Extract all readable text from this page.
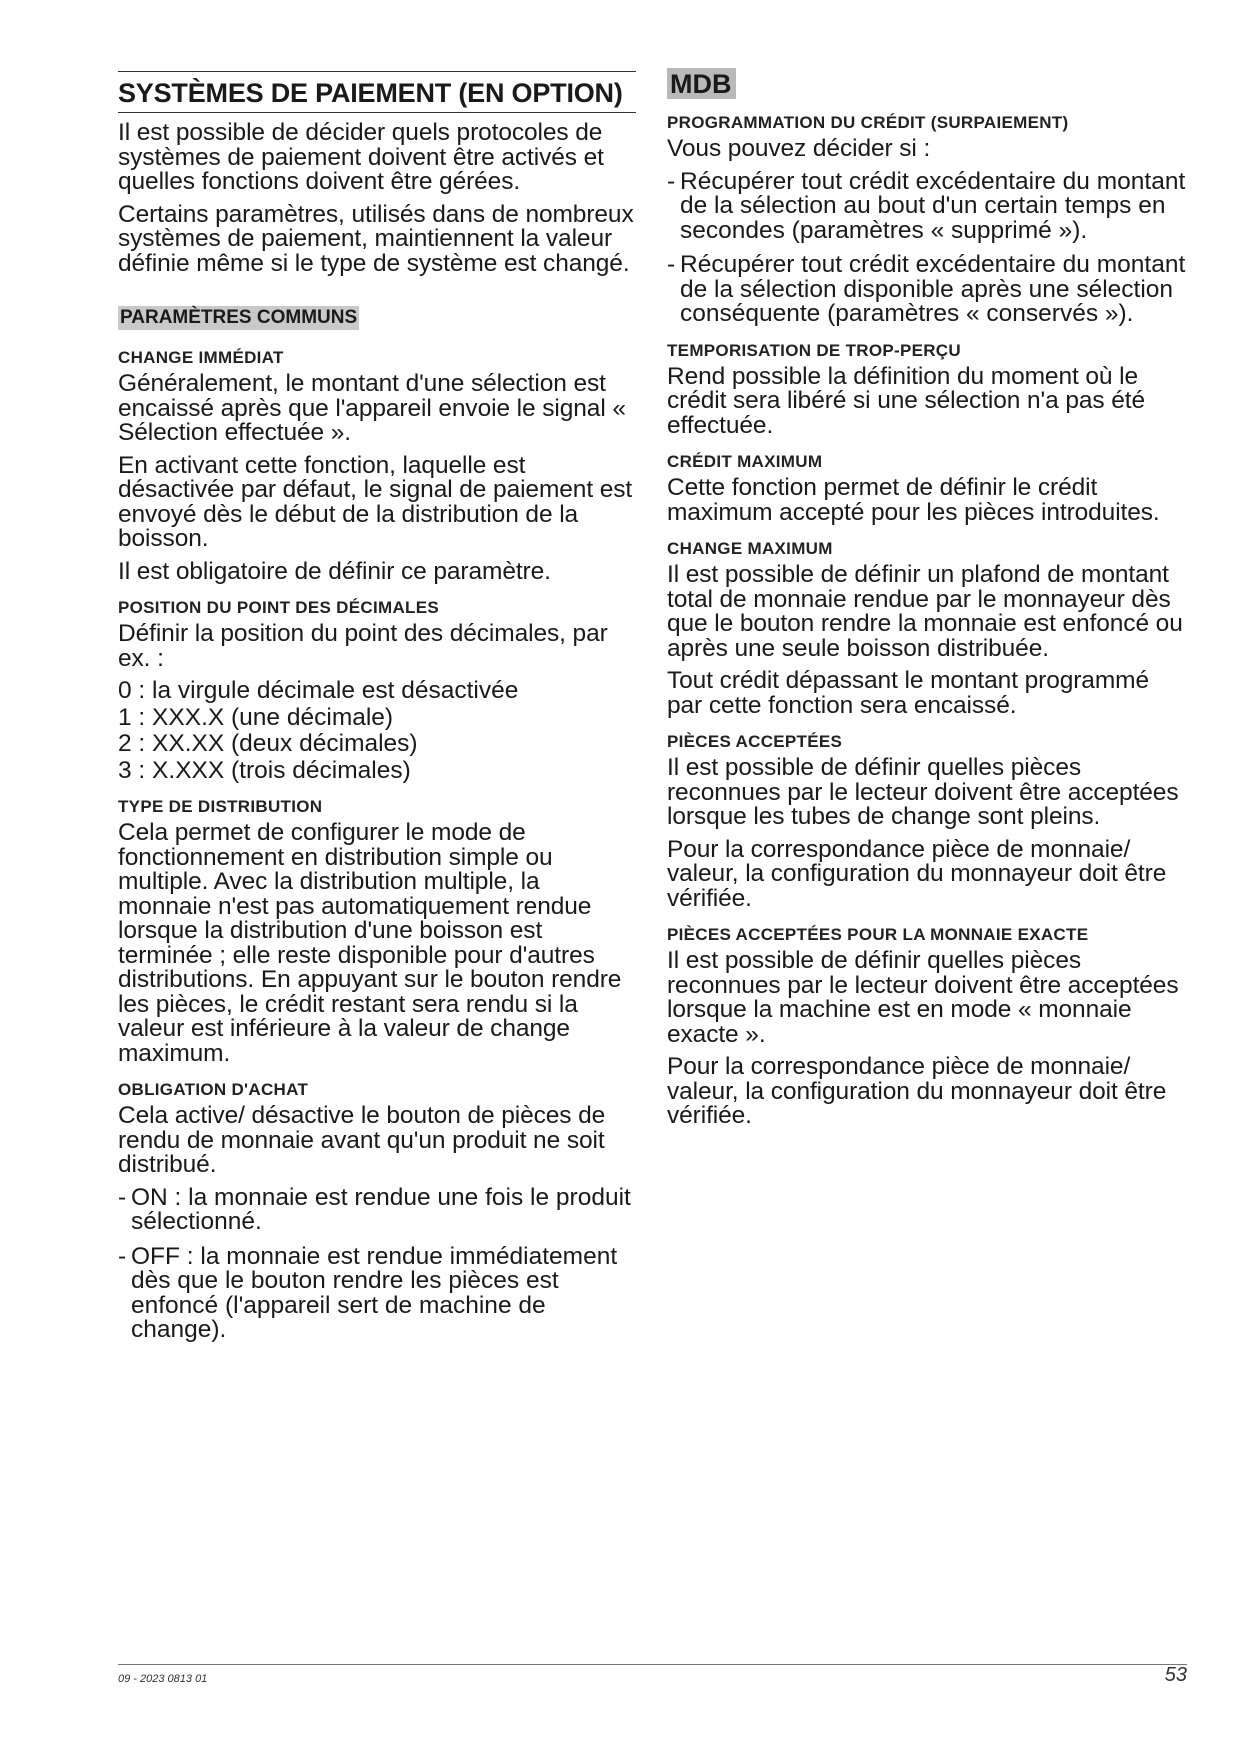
SYSTÈMES DE PAIEMENT (EN OPTION)

Il est possible de décider quels protocoles de systèmes de paiement doivent être activés et quelles fonctions doivent être gérées.

Certains paramètres, utilisés dans de nombreux systèmes de paiement, maintiennent la valeur définie même si le type de système est changé.

PARAMÈTRES COMMUNS
CHANGE IMMÉDIAT

Généralement, le montant d'une sélection est encaissé après que l'appareil envoie le signal « Sélection effectuée ».

En activant cette fonction, laquelle est désactivée par défaut, le signal de paiement est envoyé dès le début de la distribution de la boisson.

Il est obligatoire de définir ce paramètre.

POSITION DU POINT DES DÉCIMALES

Définir la position du point des décimales, par ex. :

0 : la virgule décimale est désactivée
1 : XXX.X (une décimale)
2 : XX.XX (deux décimales)
3 : X.XXX (trois décimales)
TYPE DE DISTRIBUTION

Cela permet de configurer le mode de fonctionnement en distribution simple ou multiple. Avec la distribution multiple, la monnaie n'est pas automatiquement rendue lorsque la distribution d'une boisson est terminée ; elle reste disponible pour d'autres distributions. En appuyant sur le bouton rendre les pièces, le crédit restant sera rendu si la valeur est inférieure à la valeur de change maximum.

OBLIGATION D'ACHAT

Cela active/ désactive le bouton de pièces de rendu de monnaie avant qu'un produit ne soit distribué.

- ON : la monnaie est rendue une fois le produit sélectionné.
- OFF : la monnaie est rendue immédiatement dès que le bouton rendre les pièces est enfoncé (l'appareil sert de machine de change).
MDB
PROGRAMMATION DU CRÉDIT (SURPAIEMENT)

Vous pouvez décider si :

- Récupérer tout crédit excédentaire du montant de la sélection au bout d'un certain temps en secondes (paramètres « supprimé »).
- Récupérer tout crédit excédentaire du montant de la sélection disponible après une sélection conséquente (paramètres « conservés »).
TEMPORISATION DE TROP-PERÇU

Rend possible la définition du moment où le crédit sera libéré si une sélection n'a pas été effectuée.

CRÉDIT MAXIMUM

Cette fonction permet de définir le crédit maximum accepté pour les pièces introduites.

CHANGE MAXIMUM

Il est possible de définir un plafond de montant total de monnaie rendue par le monnayeur dès que le bouton rendre la monnaie est enfoncé ou après une seule boisson distribuée.

Tout crédit dépassant le montant programmé par cette fonction sera encaissé.

PIÈCES ACCEPTÉES

Il est possible de définir quelles pièces reconnues par le lecteur doivent être acceptées lorsque les tubes de change sont pleins.

Pour la correspondance pièce de monnaie/ valeur, la configuration du monnayeur doit être vérifiée.

PIÈCES ACCEPTÉES POUR LA MONNAIE EXACTE

Il est possible de définir quelles pièces reconnues par le lecteur doivent être acceptées lorsque la machine est en mode « monnaie exacte ».

Pour la correspondance pièce de monnaie/ valeur, la configuration du monnayeur doit être vérifiée.

09 - 2023 0813 01	53
